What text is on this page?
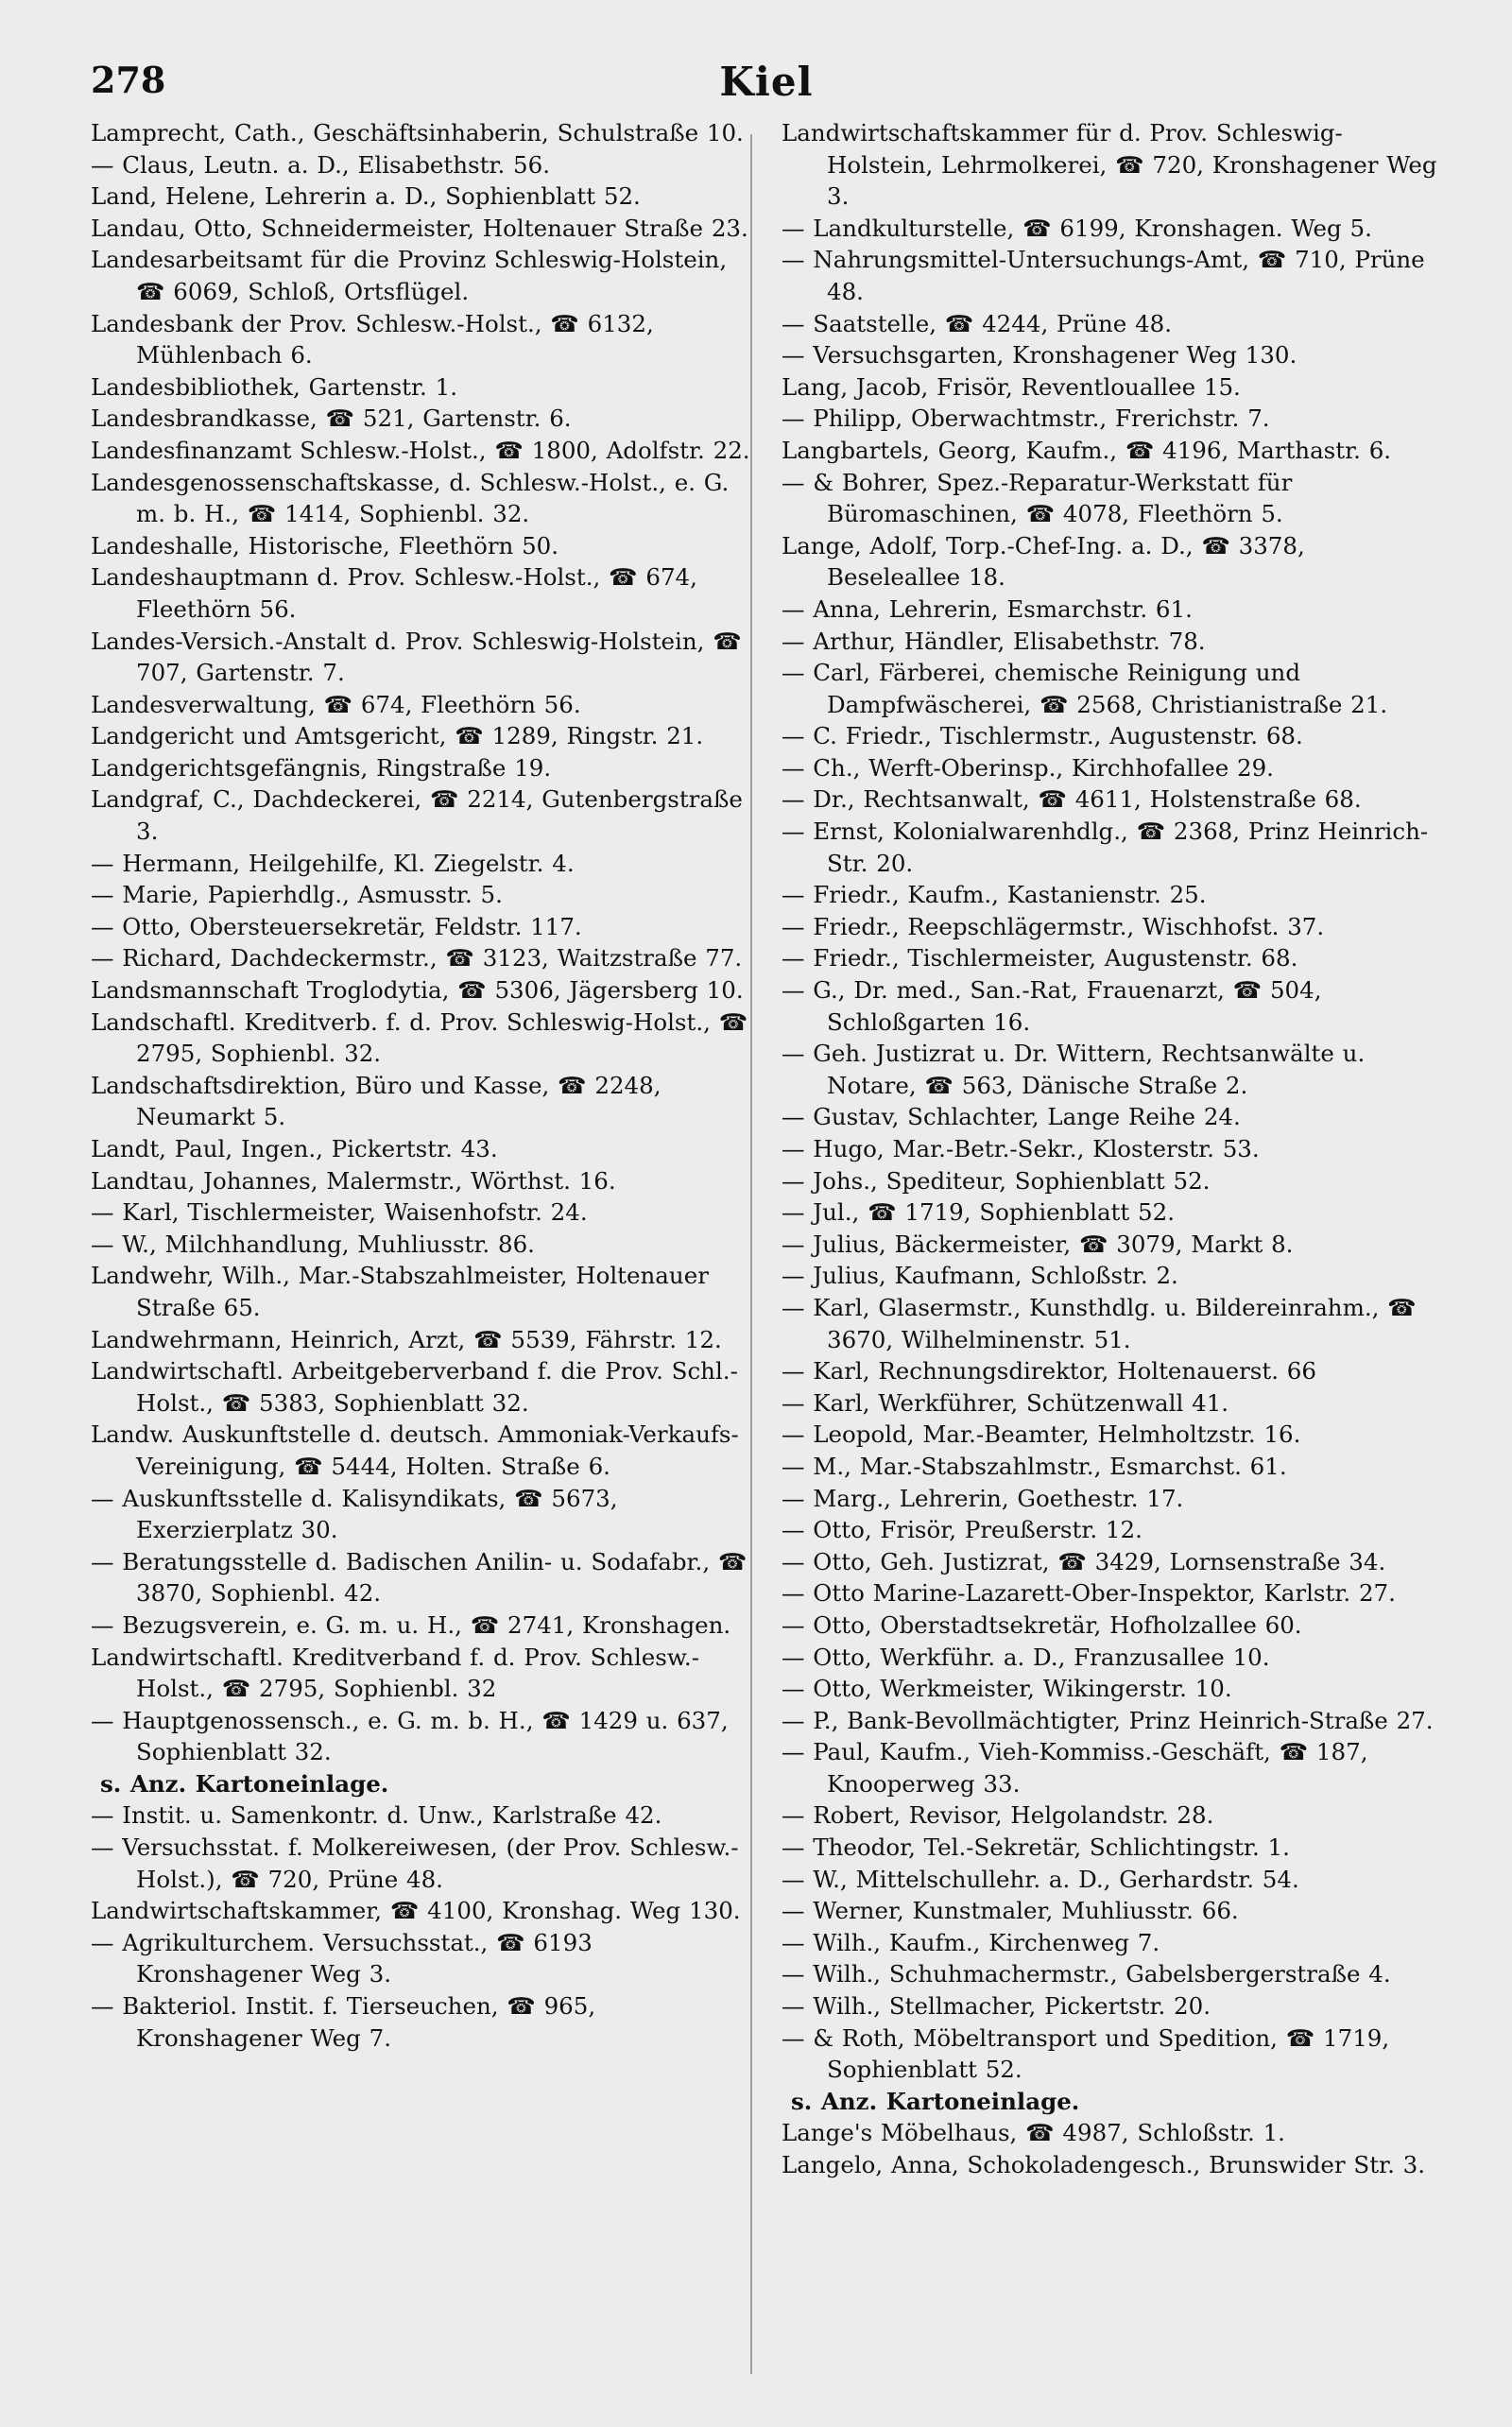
278	Kiel

Lamprecht, Cath., Geschäftsinhaberin, Schulstraße 10.

— Claus, Leutn. a. D., Elisabethstr. 56.

Land, Helene, Lehrerin a. D., Sophienblatt 52.

Landau, Otto, Schneidermeister, Holtenauer Straße 23.

Landesarbeitsamt für die Provinz Schleswig-Holstein, ☎ 6069, Schloß, Ortsflügel.

Landesbank der Prov. Schlesw.-Holst., ☎ 6132, Mühlenbach 6.

Landesbibliothek, Gartenstr. 1.

Landesbrandkasse, ☎ 521, Gartenstr. 6.

Landesfinanzamt Schlesw.-Holst., ☎ 1800, Adolfstr. 22.

Landesgenossenschaftskasse, d. Schlesw.-Holst., e. G. m. b. H., ☎ 1414, Sophienbl. 32.

Landeshalle, Historische, Fleethörn 50.

Landeshauptmann d. Prov. Schlesw.-Holst., ☎ 674, Fleethörn 56.

Landes-Versich.-Anstalt d. Prov. Schleswig-Holstein, ☎ 707, Gartenstr. 7.

Landesverwaltung, ☎ 674, Fleethörn 56.

Landgericht und Amtsgericht, ☎ 1289, Ringstr. 21.

Landgerichtsgefängnis, Ringstraße 19.

Landgraf, C., Dachdeckerei, ☎ 2214, Gutenbergstraße 3.

— Hermann, Heilgehilfe, Kl. Ziegelstr. 4.

— Marie, Papierhdlg., Asmusstr. 5.

— Otto, Obersteuersekretär, Feldstr. 117.

— Richard, Dachdeckermstr., ☎ 3123, Waitzstraße 77.

Landsmannschaft Troglodytia, ☎ 5306, Jägersberg 10.

Landschaftl. Kreditverb. f. d. Prov. Schleswig-Holst., ☎ 2795, Sophienbl. 32.

Landschaftsdirektion, Büro und Kasse, ☎ 2248, Neumarkt 5.

Landt, Paul, Ingen., Pickertstr. 43.

Landtau, Johannes, Malermstr., Wörthst. 16.

— Karl, Tischlermeister, Waisenhofstr. 24.

— W., Milchhandlung, Muhliusstr. 86.

Landwehr, Wilh., Mar.-Stabszahlmeister, Holtenauer Straße 65.

Landwehrmann, Heinrich, Arzt, ☎ 5539, Fährstr. 12.

Landwirtschaftl. Arbeitgeberverband f. die Prov. Schl.-Holst., ☎ 5383, Sophienblatt 32.

Landw. Auskunftstelle d. deutsch. Ammoniak-Verkaufs-Vereinigung, ☎ 5444, Holten. Straße 6.

— Auskunftsstelle d. Kalisyndikats, ☎ 5673, Exerzierplatz 30.

— Beratungsstelle d. Badischen Anilin- u. Sodafabr., ☎ 3870, Sophienbl. 42.

— Bezugsverein, e. G. m. u. H., ☎ 2741, Kronshagen.

Landwirtschaftl. Kreditverband f. d. Prov. Schlesw.-Holst., ☎ 2795, Sophienbl. 32

— Hauptgenossensch., e. G. m. b. H., ☎ 1429 u. 637, Sophienblatt 32.

s. Anz. Kartoneinlage.

— Instit. u. Samenkontr. d. Unw., Karlstraße 42.

— Versuchsstat. f. Molkereiwesen, (der Prov. Schlesw.-Holst.), ☎ 720, Prüne 48.

Landwirtschaftskammer, ☎ 4100, Kronshag. Weg 130.

— Agrikulturchem. Versuchsstat., ☎ 6193 Kronshagener Weg 3.

— Bakteriol. Instit. f. Tierseuchen, ☎ 965, Kronshagener Weg 7.

Landwirtschaftskammer für d. Prov. Schleswig-Holstein, Lehrmolkerei, ☎ 720, Kronshagener Weg 3.

— Landkulturstelle, ☎ 6199, Kronshagen. Weg 5.

— Nahrungsmittel-Untersuchungs-Amt, ☎ 710, Prüne 48.

— Saatstelle, ☎ 4244, Prüne 48.

— Versuchsgarten, Kronshagener Weg 130.

Lang, Jacob, Frisör, Reventlouallee 15.

— Philipp, Oberwachtmstr., Frerichstr. 7.

Langbartels, Georg, Kaufm., ☎ 4196, Marthastr. 6.

— & Bohrer, Spez.-Reparatur-Werkstatt für Büromaschinen, ☎ 4078, Fleethörn 5.

Lange, Adolf, Torp.-Chef-Ing. a. D., ☎ 3378, Beseleallee 18.

— Anna, Lehrerin, Esmarchstr. 61.

— Arthur, Händler, Elisabethstr. 78.

— Carl, Färberei, chemische Reinigung und Dampfwäscherei, ☎ 2568, Christianistraße 21.

— C. Friedr., Tischlermstr., Augustenstr. 68.

— Ch., Werft-Oberinsp., Kirchhofallee 29.

— Dr., Rechtsanwalt, ☎ 4611, Holstenstraße 68.

— Ernst, Kolonialwarenhdlg., ☎ 2368, Prinz Heinrich-Str. 20.

— Friedr., Kaufm., Kastanienstr. 25.

— Friedr., Reepschlägermstr., Wischhofst. 37.

— Friedr., Tischlermeister, Augustenstr. 68.

— G., Dr. med., San.-Rat, Frauenarzt, ☎ 504, Schloßgarten 16.

— Geh. Justizrat u. Dr. Wittern, Rechtsanwälte u. Notare, ☎ 563, Dänische Straße 2.

— Gustav, Schlachter, Lange Reihe 24.

— Hugo, Mar.-Betr.-Sekr., Klosterstr. 53.

— Johs., Spediteur, Sophienblatt 52.

— Jul., ☎ 1719, Sophienblatt 52.

— Julius, Bäckermeister, ☎ 3079, Markt 8.

— Julius, Kaufmann, Schloßstr. 2.

— Karl, Glasermstr., Kunsthdlg. u. Bildereinrahm., ☎ 3670, Wilhelminenstr. 51.

— Karl, Rechnungsdirektor, Holtenauerst. 66

— Karl, Werkführer, Schützenwall 41.

— Leopold, Mar.-Beamter, Helmholtzstr. 16.

— M., Mar.-Stabszahlmstr., Esmarchst. 61.

— Marg., Lehrerin, Goethestr. 17.

— Otto, Frisör, Preußerstr. 12.

— Otto, Geh. Justizrat, ☎ 3429, Lornsenstraße 34.

— Otto Marine-Lazarett-Ober-Inspektor, Karlstr. 27.

— Otto, Oberstadtsekretär, Hofholzallee 60.

— Otto, Werkführ. a. D., Franzusallee 10.

— Otto, Werkmeister, Wikingerstr. 10.

— P., Bank-Bevollmächtigter, Prinz Heinrich-Straße 27.

— Paul, Kaufm., Vieh-Kommiss.-Geschäft, ☎ 187, Knooperweg 33.

— Robert, Revisor, Helgolandstr. 28.

— Theodor, Tel.-Sekretär, Schlichtingstr. 1.

— W., Mittelschullehr. a. D., Gerhardstr. 54.

— Werner, Kunstmaler, Muhliusstr. 66.

— Wilh., Kaufm., Kirchenweg 7.

— Wilh., Schuhmachermstr., Gabelsbergerstraße 4.

— Wilh., Stellmacher, Pickertstr. 20.

— & Roth, Möbeltransport und Spedition, ☎ 1719, Sophienblatt 52.

s. Anz. Kartoneinlage.

Lange's Möbelhaus, ☎ 4987, Schloßstr. 1.

Langelo, Anna, Schokoladengesch., Brunswider Str. 3.
